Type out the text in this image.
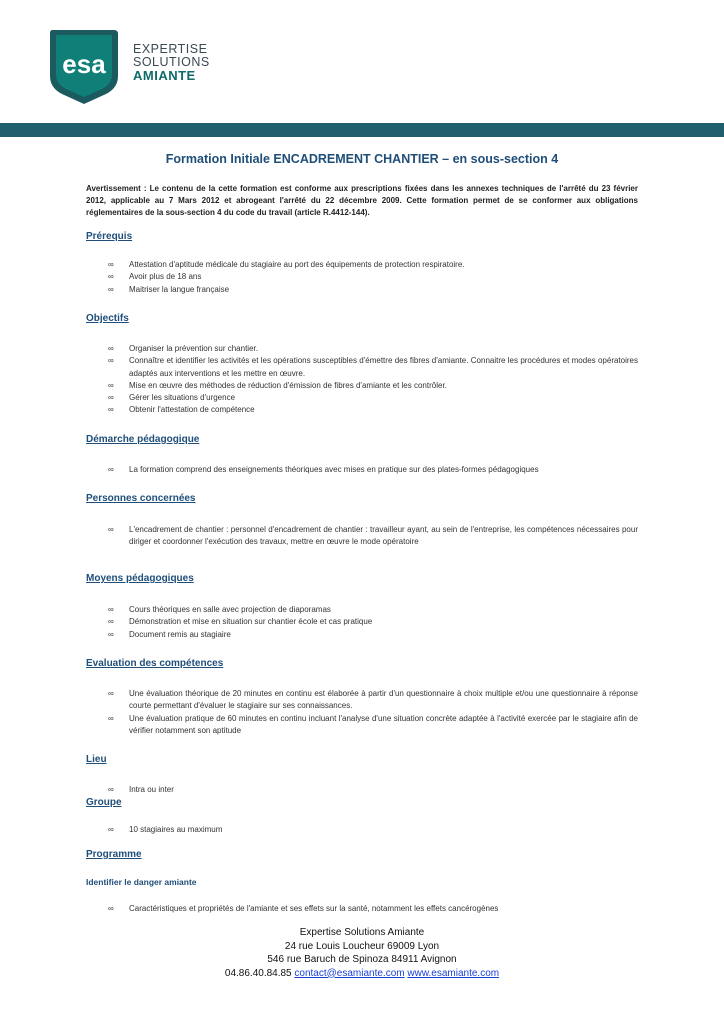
esa EXPERTISE
SOLUTIONS
AMIANTE
Formation Initiale ENCADREMENT CHANTIER – en sous-section 4
Avertissement : Le contenu de la cette formation est conforme aux prescriptions fixées dans les annexes techniques de l'arrêté du 23 février 2012, applicable au 7 Mars 2012 et abrogeant l'arrêté du 22 décembre 2009. Cette formation permet de se conformer aux obligations réglementaires de la sous-section 4 du code du travail (article R.4412-144).
Prérequis
∞ Attestation d'aptitude médicale du stagiaire au port des équipements de protection respiratoire.
∞ Avoir plus de 18 ans
∞ Maitriser la langue française
Objectifs
∞ Organiser la prévention sur chantier.
∞ Connaître et identifier les activités et les opérations susceptibles d'émettre des fibres d'amiante. Connaitre les procédures et modes opératoires adaptés aux interventions et les mettre en œuvre.
∞ Mise en œuvre des méthodes de réduction d'émission de fibres d'amiante et les contrôler.
∞ Gérer les situations d'urgence
∞ Obtenir l'attestation de compétence
Démarche pédagogique
∞ La formation comprend des enseignements théoriques avec mises en pratique sur des plates-formes pédagogiques
Personnes concernées
∞ L'encadrement de chantier : personnel d'encadrement de chantier : travailleur ayant, au sein de l'entreprise, les compétences nécessaires pour diriger et coordonner l'exécution des travaux, mettre en œuvre le mode opératoire
Moyens pédagogiques
∞ Cours théoriques en salle avec projection de diaporamas
∞ Démonstration et mise en situation sur chantier école et cas pratique
∞ Document remis au stagiaire
Evaluation des compétences
∞ Une évaluation théorique de 20 minutes en continu est élaborée à partir d'un questionnaire à choix multiple et/ou une questionnaire à réponse courte permettant d'évaluer le stagiaire sur ses connaissances.
∞ Une évaluation pratique de 60 minutes en continu incluant l'analyse d'une situation concrète adaptée à l'activité exercée par le stagiaire afin de vérifier notamment son aptitude
Lieu
∞ Intra ou inter
Groupe
∞ 10 stagiaires au maximum
Programme
Identifier le danger amiante
∞ Caractéristiques et propriétés de l'amiante et ses effets sur la santé, notamment les effets cancérogènes
Expertise Solutions Amiante
24 rue Louis Loucheur 69009 Lyon
546 rue Baruch de Spinoza 84911 Avignon
04.86.40.84.85 contact@esamiante.com www.esamiante.com
